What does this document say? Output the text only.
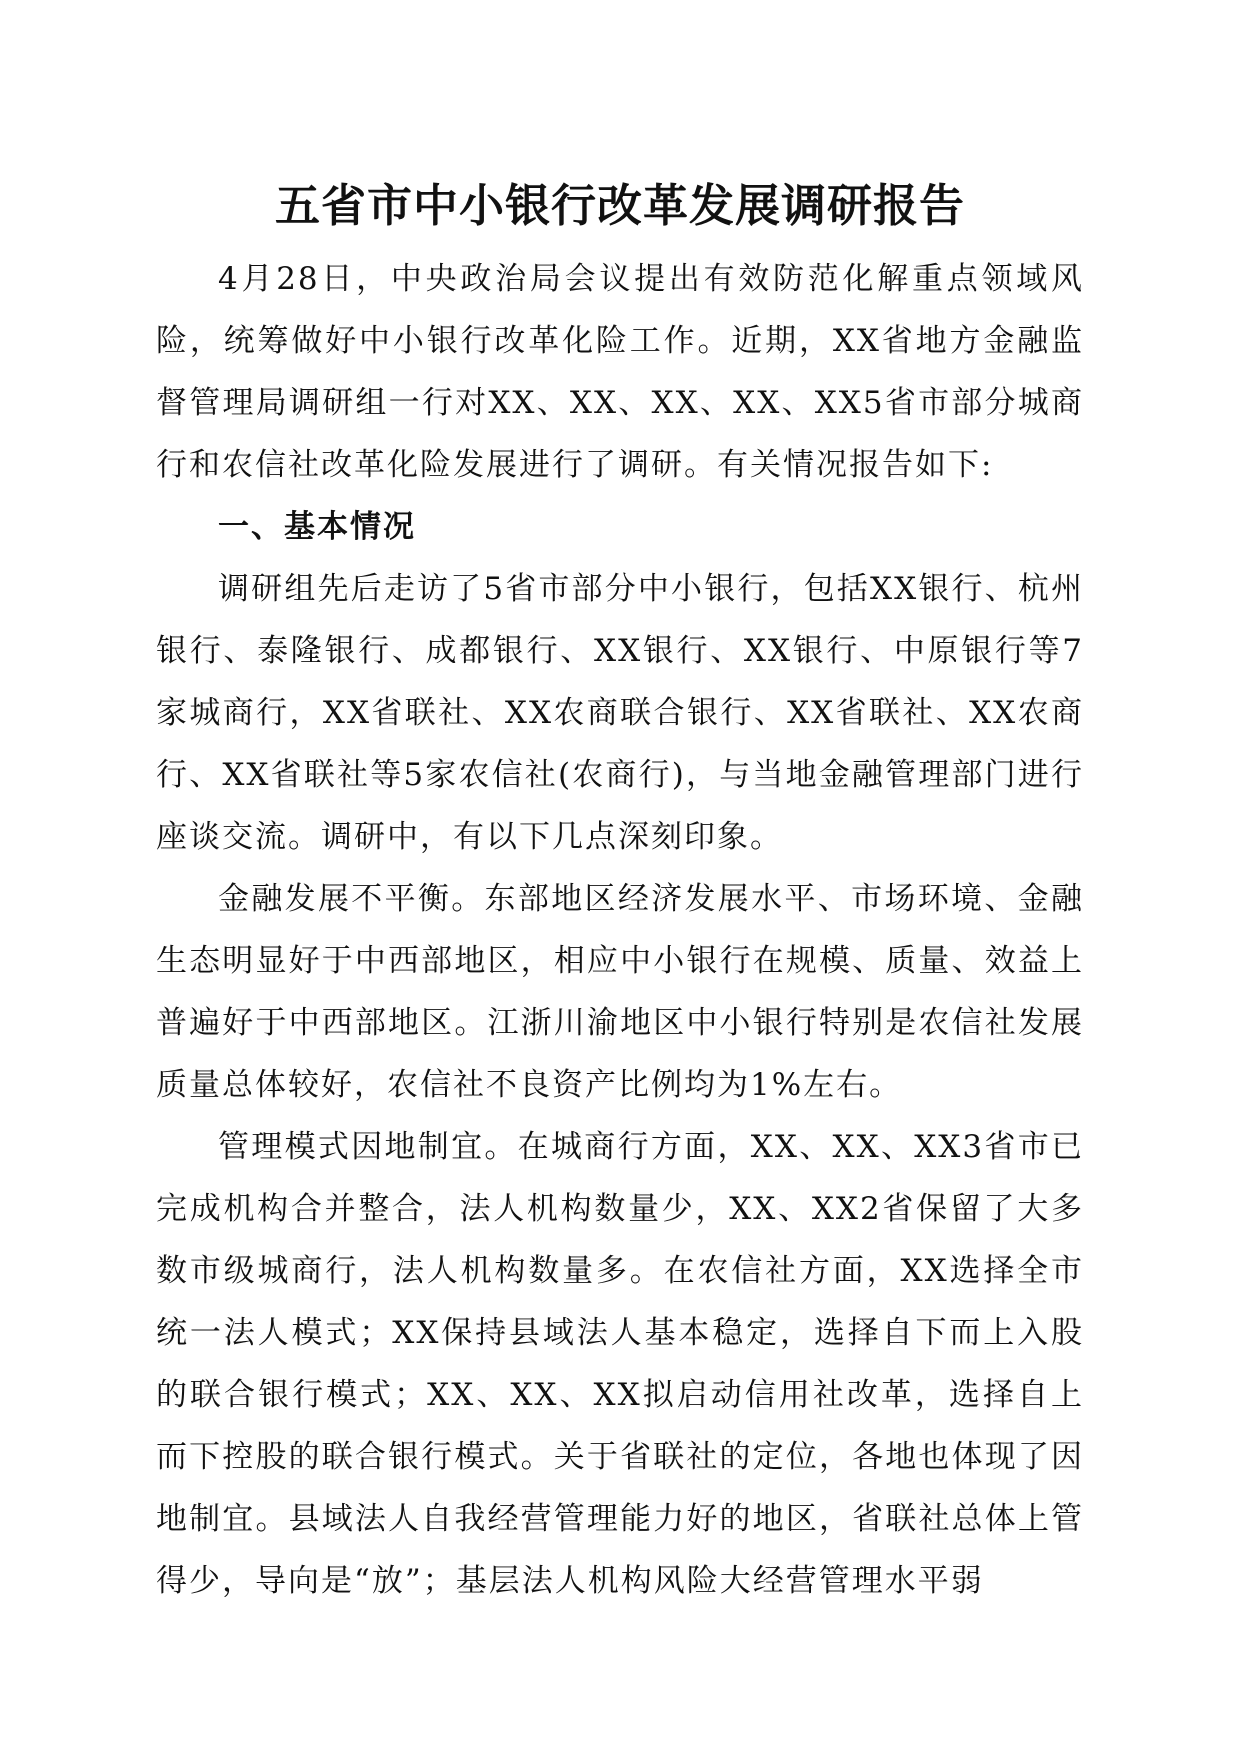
五省市中小银行改革发展调研报告

4月28日，中央政治局会议提出有效防范化解重点领域风险，统筹做好中小银行改革化险工作。近期，XX省地方金融监督管理局调研组一行对XX、XX、XX、XX、XX5省市部分城商行和农信社改革化险发展进行了调研。有关情况报告如下:

一、基本情况

调研组先后走访了5省市部分中小银行，包括XX银行、杭州银行、泰隆银行、成都银行、XX银行、XX银行、中原银行等7家城商行，XX省联社、XX农商联合银行、XX省联社、XX农商行、XX省联社等5家农信社(农商行)，与当地金融管理部门进行座谈交流。调研中，有以下几点深刻印象。

金融发展不平衡。东部地区经济发展水平、市场环境、金融生态明显好于中西部地区，相应中小银行在规模、质量、效益上普遍好于中西部地区。江浙川渝地区中小银行特别是农信社发展质量总体较好，农信社不良资产比例均为1%左右。

管理模式因地制宜。在城商行方面，XX、XX、XX3省市已完成机构合并整合，法人机构数量少，XX、XX2省保留了大多数市级城商行，法人机构数量多。在农信社方面，XX选择全市统一法人模式；XX保持县域法人基本稳定，选择自下而上入股的联合银行模式；XX、XX、XX拟启动信用社改革，选择自上而下控股的联合银行模式。关于省联社的定位，各地也体现了因地制宜。县域法人自我经营管理能力好的地区，省联社总体上管得少，导向是“放”；基层法人机构风险大经营管理水平弱
